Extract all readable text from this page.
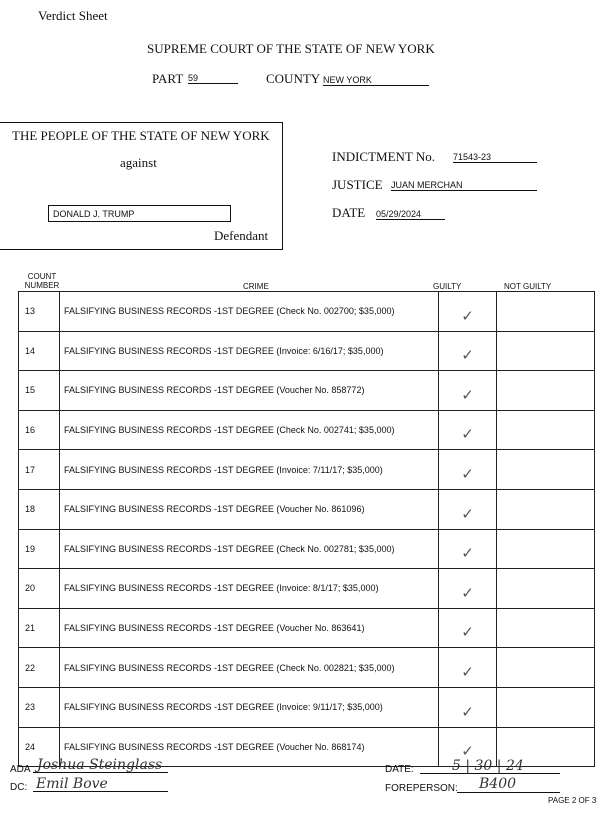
Verdict Sheet
SUPREME COURT OF THE STATE OF NEW YORK
PART 59	COUNTY NEW YORK
THE PEOPLE OF THE STATE OF NEW YORK
against
DONALD J. TRUMP
Defendant
INDICTMENT No. 71543-23
JUSTICE JUAN MERCHAN
DATE 05/29/2024
COUNT
NUMBER	CRIME	GUILTY	NOT GUILTY
13	FALSIFYING BUSINESS RECORDS -1ST DEGREE (Check No. 002700; $35,000)	✓	
14	FALSIFYING BUSINESS RECORDS -1ST DEGREE (Invoice: 6/16/17; $35,000)	✓	
15	FALSIFYING BUSINESS RECORDS -1ST DEGREE (Voucher No. 858772)	✓	
16	FALSIFYING BUSINESS RECORDS -1ST DEGREE (Check No. 002741; $35,000)	✓	
17	FALSIFYING BUSINESS RECORDS -1ST DEGREE (Invoice: 7/11/17; $35,000)	✓	
18	FALSIFYING BUSINESS RECORDS -1ST DEGREE (Voucher No. 861096)	✓	
19	FALSIFYING BUSINESS RECORDS -1ST DEGREE (Check No. 002781; $35,000)	✓	
20	FALSIFYING BUSINESS RECORDS -1ST DEGREE (Invoice: 8/1/17; $35,000)	✓	
21	FALSIFYING BUSINESS RECORDS -1ST DEGREE (Voucher No. 863641)	✓	
22	FALSIFYING BUSINESS RECORDS -1ST DEGREE (Check No. 002821; $35,000)	✓	
23	FALSIFYING BUSINESS RECORDS -1ST DEGREE (Invoice: 9/11/17; $35,000)	✓	
24	FALSIFYING BUSINESS RECORDS -1ST DEGREE (Voucher No. 868174)	✓	
ADA Joshua Steinglass
DC: Emil Bove
DATE:	5 | 30 | 24
FOREPERSON: B400
PAGE 2 OF 3
